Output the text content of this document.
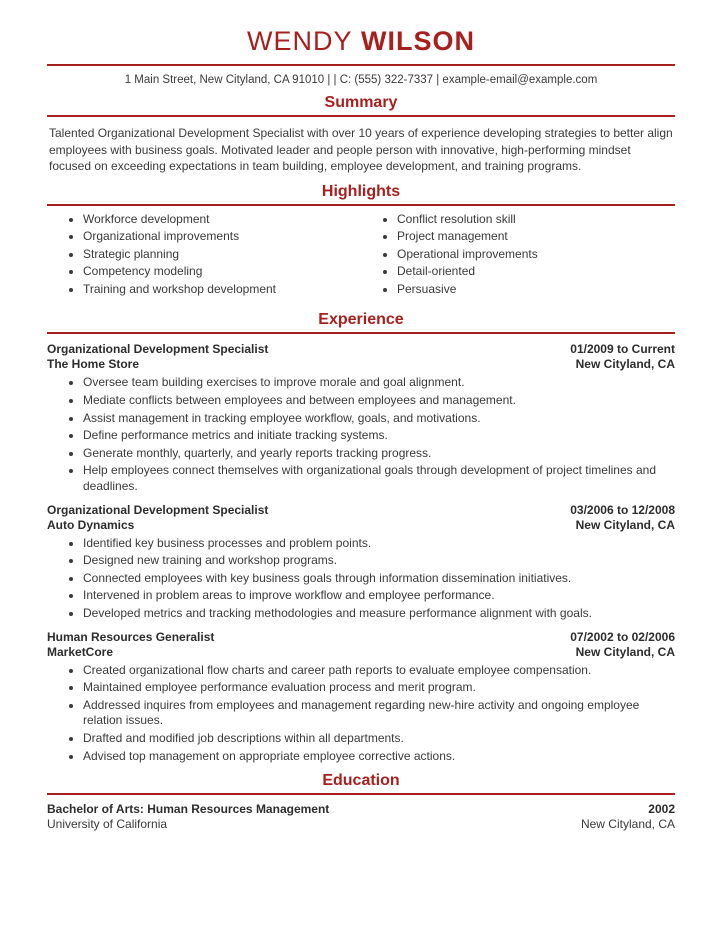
WENDY WILSON
1 Main Street, New Cityland, CA 91010 | | C: (555) 322-7337 | example-email@example.com
Summary

Talented Organizational Development Specialist with over 10 years of experience developing strategies to better align employees with business goals. Motivated leader and people person with innovative, high-performing mindset focused on exceeding expectations in team building, employee development, and training programs.

Highlights
• Workforce development
• Organizational improvements
• Strategic planning
• Competency modeling
• Training and workshop development
• Conflict resolution skill
• Project management
• Operational improvements
• Detail-oriented
• Persuasive
Experience
Organizational Development Specialist	01/2009 to Current
The Home Store	New Cityland, CA
• Oversee team building exercises to improve morale and goal alignment.
• Mediate conflicts between employees and between employees and management.
• Assist management in tracking employee workflow, goals, and motivations.
• Define performance metrics and initiate tracking systems.
• Generate monthly, quarterly, and yearly reports tracking progress.
• Help employees connect themselves with organizational goals through development of project timelines and deadlines.
Organizational Development Specialist	03/2006 to 12/2008
Auto Dynamics	New Cityland, CA
• Identified key business processes and problem points.
• Designed new training and workshop programs.
• Connected employees with key business goals through information dissemination initiatives.
• Intervened in problem areas to improve workflow and employee performance.
• Developed metrics and tracking methodologies and measure performance alignment with goals.
Human Resources Generalist	07/2002 to 02/2006
MarketCore	New Cityland, CA
• Created organizational flow charts and career path reports to evaluate employee compensation.
• Maintained employee performance evaluation process and merit program.
• Addressed inquires from employees and management regarding new-hire activity and ongoing employee relation issues.
• Drafted and modified job descriptions within all departments.
• Advised top management on appropriate employee corrective actions.
Education
Bachelor of Arts: Human Resources Management	2002
University of California	New Cityland, CA
